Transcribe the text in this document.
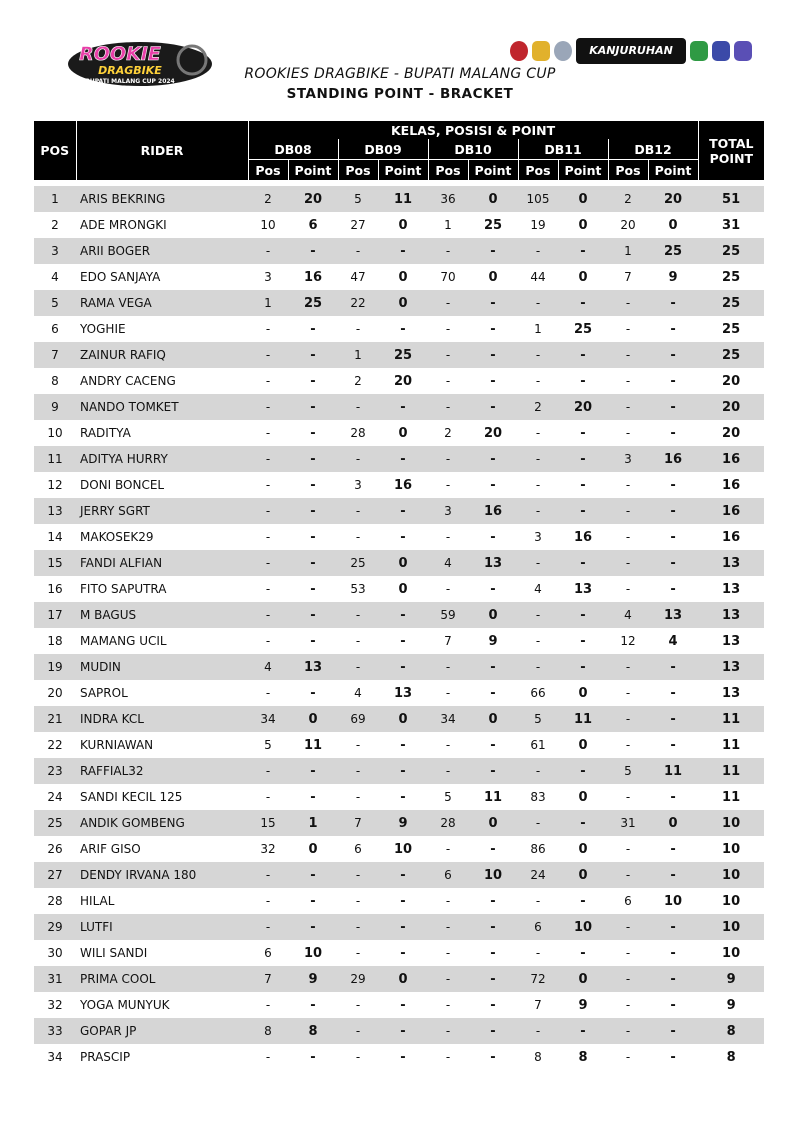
ROOKIE
DRAGBIKE
BUPATI MALANG CUP 2024
KANJURUHAN
ROOKIES DRAGBIKE - BUPATI MALANG CUP
STANDING POINT - BRACKET
POS	RIDER	KELAS, POSISI & POINT										TOTAL POINT
		DB08		DB09		DB10		DB11		DB12		
		Pos	Point	Pos	Point	Pos	Point	Pos	Point	Pos	Point	

1	ARIS BEKRING	2	20	5	11	36	0	105	0	2	20	51
2	ADE MRONGKI	10	6	27	0	1	25	19	0	20	0	31
3	ARII BOGER	-	-	-	-	-	-	-	-	1	25	25
4	EDO SANJAYA	3	16	47	0	70	0	44	0	7	9	25
5	RAMA VEGA	1	25	22	0	-	-	-	-	-	-	25
6	YOGHIE	-	-	-	-	-	-	1	25	-	-	25
7	ZAINUR RAFIQ	-	-	1	25	-	-	-	-	-	-	25
8	ANDRY CACENG	-	-	2	20	-	-	-	-	-	-	20
9	NANDO TOMKET	-	-	-	-	-	-	2	20	-	-	20
10	RADITYA	-	-	28	0	2	20	-	-	-	-	20
11	ADITYA HURRY	-	-	-	-	-	-	-	-	3	16	16
12	DONI BONCEL	-	-	3	16	-	-	-	-	-	-	16
13	JERRY SGRT	-	-	-	-	3	16	-	-	-	-	16
14	MAKOSEK29	-	-	-	-	-	-	3	16	-	-	16
15	FANDI ALFIAN	-	-	25	0	4	13	-	-	-	-	13
16	FITO SAPUTRA	-	-	53	0	-	-	4	13	-	-	13
17	M BAGUS	-	-	-	-	59	0	-	-	4	13	13
18	MAMANG UCIL	-	-	-	-	7	9	-	-	12	4	13
19	MUDIN	4	13	-	-	-	-	-	-	-	-	13
20	SAPROL	-	-	4	13	-	-	66	0	-	-	13
21	INDRA KCL	34	0	69	0	34	0	5	11	-	-	11
22	KURNIAWAN	5	11	-	-	-	-	61	0	-	-	11
23	RAFFIAL32	-	-	-	-	-	-	-	-	5	11	11
24	SANDI KECIL 125	-	-	-	-	5	11	83	0	-	-	11
25	ANDIK GOMBENG	15	1	7	9	28	0	-	-	31	0	10
26	ARIF GISO	32	0	6	10	-	-	86	0	-	-	10
27	DENDY IRVANA 180	-	-	-	-	6	10	24	0	-	-	10
28	HILAL	-	-	-	-	-	-	-	-	6	10	10
29	LUTFI	-	-	-	-	-	-	6	10	-	-	10
30	WILI SANDI	6	10	-	-	-	-	-	-	-	-	10
31	PRIMA COOL	7	9	29	0	-	-	72	0	-	-	9
32	YOGA MUNYUK	-	-	-	-	-	-	7	9	-	-	9
33	GOPAR JP	8	8	-	-	-	-	-	-	-	-	8
34	PRASCIP	-	-	-	-	-	-	8	8	-	-	8
